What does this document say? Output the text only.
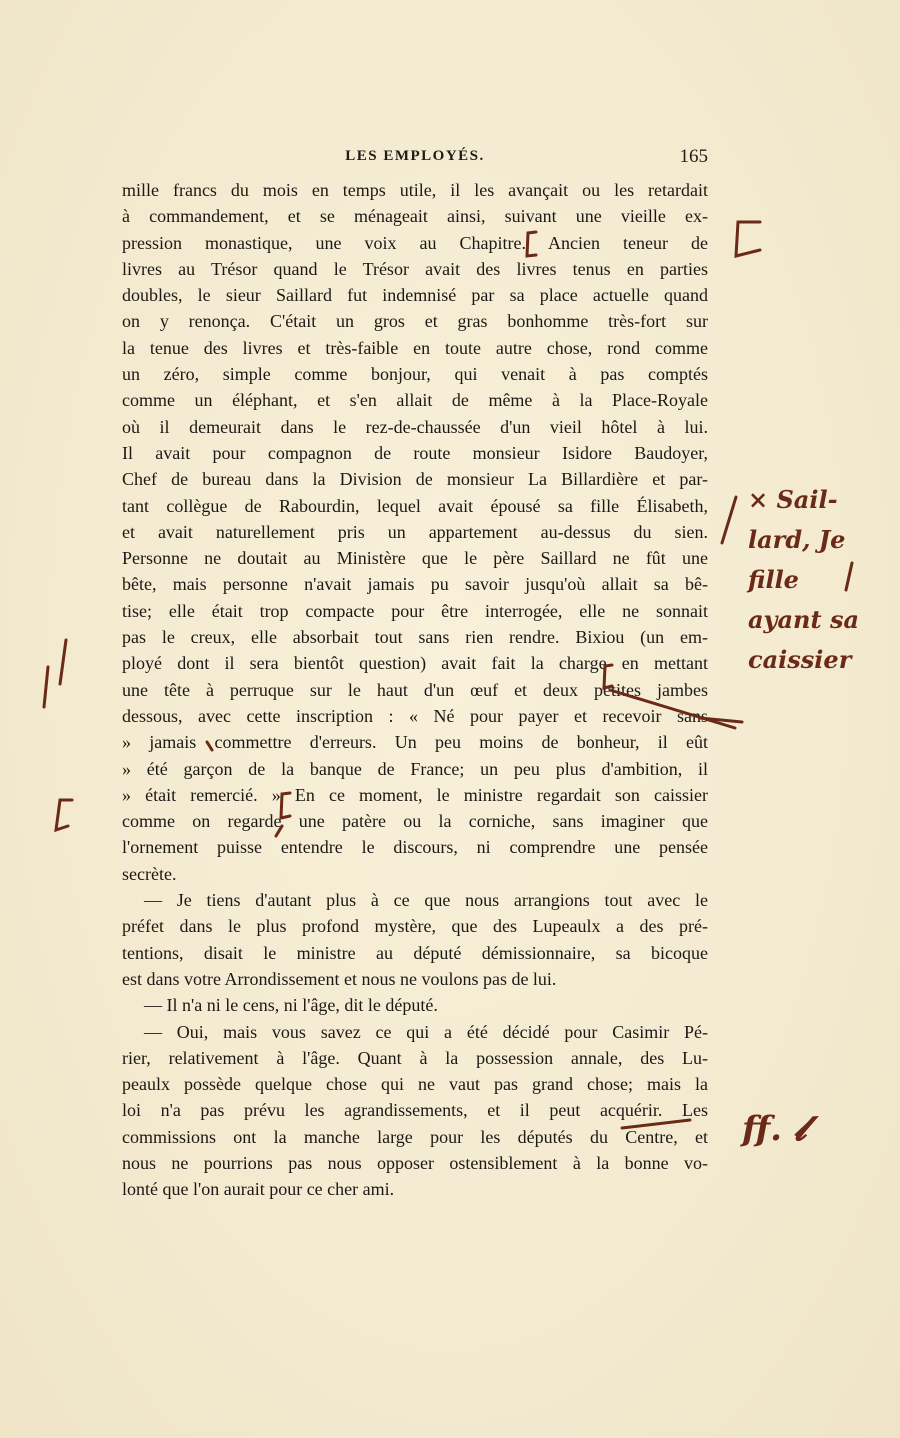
LES EMPLOYÉS.	165
mille francs du mois en temps utile, il les avançait ou les retardait
à commandement, et se ménageait ainsi, suivant une vieille ex-
pression monastique, une voix au Chapitre. Ancien teneur de
livres au Trésor quand le Trésor avait des livres tenus en parties
doubles, le sieur Saillard fut indemnisé par sa place actuelle quand
on y renonça. C'était un gros et gras bonhomme très-fort sur
la tenue des livres et très-faible en toute autre chose, rond comme
un zéro, simple comme bonjour, qui venait à pas comptés
comme un éléphant, et s'en allait de même à la Place-Royale
où il demeurait dans le rez-de-chaussée d'un vieil hôtel à lui.
Il avait pour compagnon de route monsieur Isidore Baudoyer,
Chef de bureau dans la Division de monsieur La Billardière et par-
tant collègue de Rabourdin, lequel avait épousé sa fille Élisabeth,
et avait naturellement pris un appartement au-dessus du sien.
Personne ne doutait au Ministère que le père Saillard ne fût une
bête, mais personne n'avait jamais pu savoir jusqu'où allait sa bê-
tise; elle était trop compacte pour être interrogée, elle ne sonnait
pas le creux, elle absorbait tout sans rien rendre. Bixiou (un em-
ployé dont il sera bientôt question) avait fait la charge en mettant
une tête à perruque sur le haut d'un œuf et deux petites jambes
dessous, avec cette inscription : « Né pour payer et recevoir sans
» jamais commettre d'erreurs. Un peu moins de bonheur, il eût
» été garçon de la banque de France; un peu plus d'ambition, il
» était remercié. » En ce moment, le ministre regardait son caissier
comme on regarde une patère ou la corniche, sans imaginer que
l'ornement puisse entendre le discours, ni comprendre une pensée
secrète.
— Je tiens d'autant plus à ce que nous arrangions tout avec le
préfet dans le plus profond mystère, que des Lupeaulx a des pré-
tentions, disait le ministre au député démissionnaire, sa bicoque
est dans votre Arrondissement et nous ne voulons pas de lui.
— Il n'a ni le cens, ni l'âge, dit le député.
— Oui, mais vous savez ce qui a été décidé pour Casimir Pé-
rier, relativement à l'âge. Quant à la possession annale, des Lu-
peaulx possède quelque chose qui ne vaut pas grand chose; mais la
loi n'a pas prévu les agrandissements, et il peut acquérir. Les
commissions ont la manche large pour les députés du Centre, et
nous ne pourrions pas nous opposer ostensiblement à la bonne vo-
lonté que l'on aurait pour ce cher ami.
× Sail- lard, Je fille ayant sa caissier
ff. 𝓵
